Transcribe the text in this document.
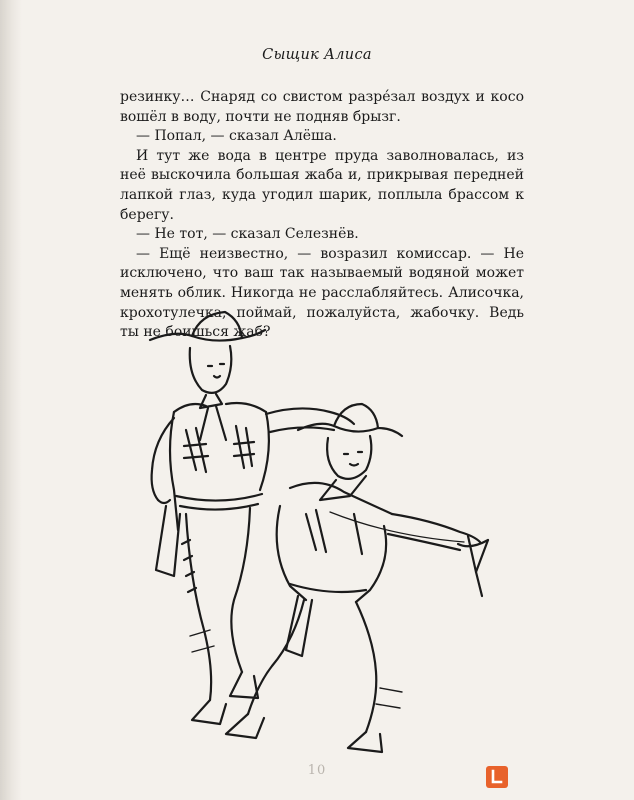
Сыщик Алиса

резинку… Снаряд со свистом разрéзал воздух и косо вошёл в воду, почти не подняв брызг.

— Попал, — сказал Алёша.

И тут же вода в центре пруда заволновалась, из неё выскочила большая жаба и, прикрывая передней лапкой глаз, куда угодил шарик, поплыла брассом к берегу.

— Не тот, — сказал Селезнёв.

— Ещё неизвестно, — возразил комиссар. — Не исключено, что ваш так называемый водяной может менять облик. Никогда не расслабляйтесь. Алисочка, крохотулечка, поймай, пожалуйста, жабочку. Ведь ты не боишься жаб?

10
